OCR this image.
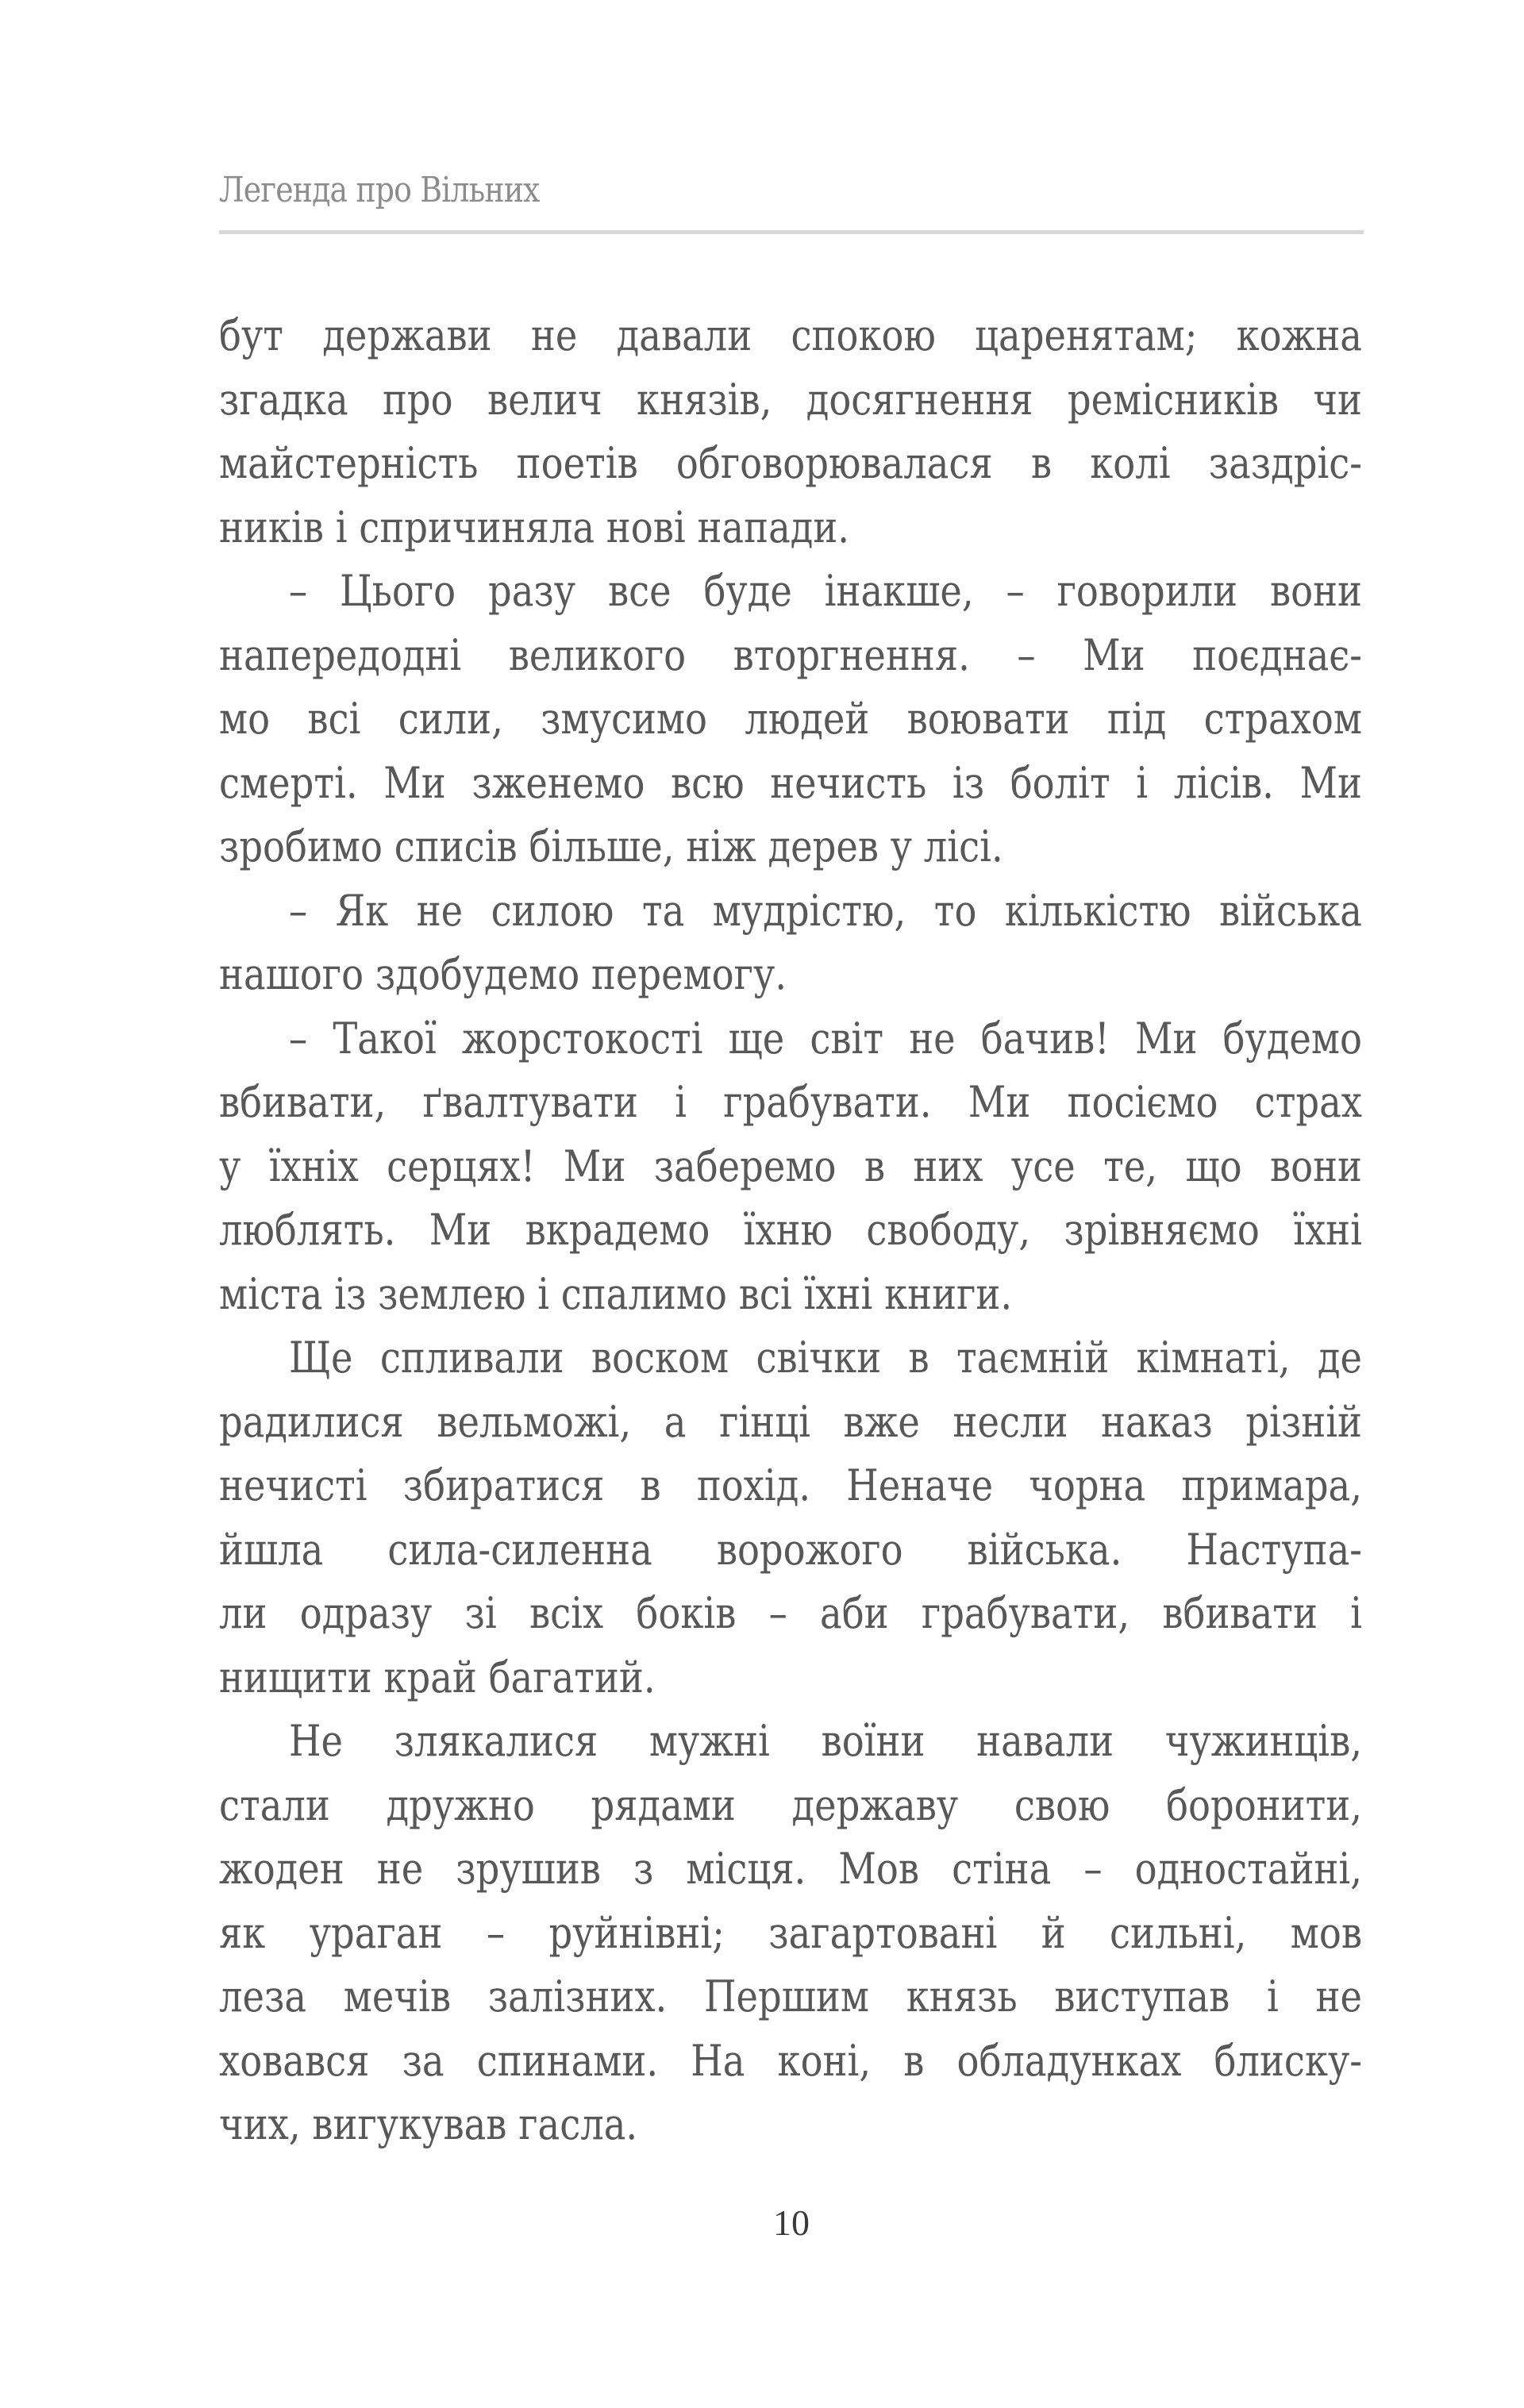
Легенда про Вільних
бут держави не давали спокою царенятам; кожна
згадка про велич князів, досягнення ремісників чи
майстерність поетів обговорювалася в колі заздріс-
ників і спричиняла нові напади.
– Цього разу все буде інакше, – говорили вони
напередодні великого вторгнення. – Ми поєднає-
мо всі сили, змусимо людей воювати під страхом
смерті. Ми зженемо всю нечисть із боліт і лісів. Ми
зробимо списів більше, ніж дерев у лісі.
– Як не силою та мудрістю, то кількістю війська
нашого здобудемо перемогу.
– Такої жорстокості ще світ не бачив! Ми будемо
вбивати, ґвалтувати і грабувати. Ми посіємо страх
у їхніх серцях! Ми заберемо в них усе те, що вони
люблять. Ми вкрадемо їхню свободу, зрівняємо їхні
міста із землею і спалимо всі їхні книги.
Ще спливали воском свічки в таємній кімнаті, де
радилися вельможі, а гінці вже несли наказ різній
нечисті збиратися в похід. Неначе чорна примара,
йшла сила-силенна ворожого війська. Наступа-
ли одразу зі всіх боків – аби грабувати, вбивати і
нищити край багатий.
Не злякалися мужні воїни навали чужинців,
стали дружно рядами державу свою боронити,
жоден не зрушив з місця. Мов стіна – одностайні,
як ураган – руйнівні; загартовані й сильні, мов
леза мечів залізних. Першим князь виступав і не
ховався за спинами. На коні, в обладунках блиску-
чих, вигукував гасла.
10
